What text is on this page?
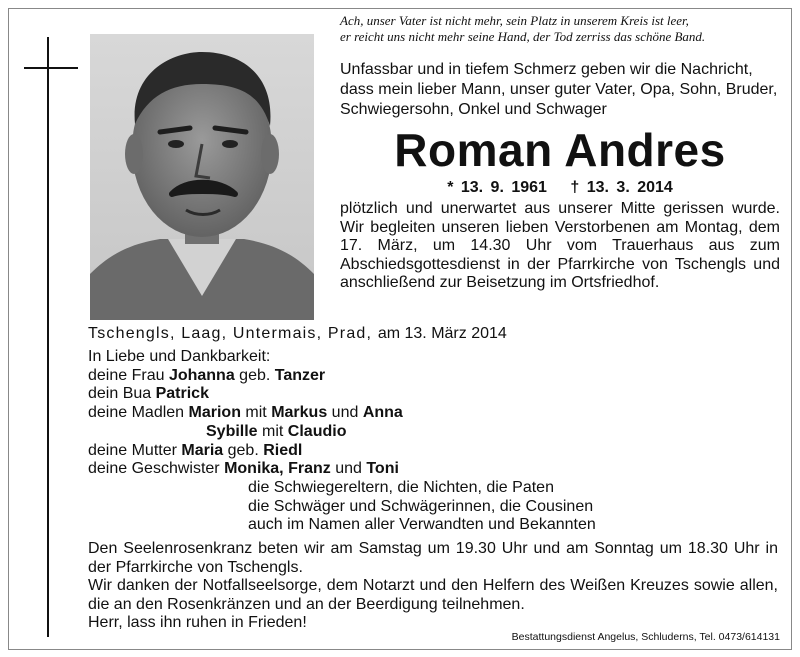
Ach, unser Vater ist nicht mehr, sein Platz in unserem Kreis ist leer,
er reicht uns nicht mehr seine Hand, der Tod zerriss das schöne Band.

Unfassbar und in tiefem Schmerz geben wir die Nachricht, dass mein lieber Mann, unser guter Vater, Opa, Sohn, Bruder, Schwiegersohn, Onkel und Schwager

Roman Andres
* 13. 9. 1961 † 13. 3. 2014

plötzlich und unerwartet aus unserer Mitte gerissen wurde. Wir begleiten unseren lieben Verstorbenen am Montag, dem 17. März, um 14.30 Uhr vom Trauerhaus aus zum Abschiedsgottesdienst in der Pfarrkirche von Tschengls und anschließend zur Beisetzung im Ortsfriedhof.

Tschengls, Laag, Untermais, Prad, am 13. März 2014

In Liebe und Dankbarkeit:
deine Frau Johanna geb. Tanzer
dein Bua Patrick
deine Madlen Marion mit Markus und Anna
Sybille mit Claudio
deine Mutter Maria geb. Riedl
deine Geschwister Monika, Franz und Toni
die Schwiegereltern, die Nichten, die Paten
die Schwäger und Schwägerinnen, die Cousinen
auch im Namen aller Verwandten und Bekannten
Den Seelenrosenkranz beten wir am Samstag um 19.30 Uhr und am Sonntag um 18.30 Uhr in der Pfarrkirche von Tschengls.
Wir danken der Notfallseelsorge, dem Notarzt und den Helfern des Weißen Kreuzes sowie allen, die an den Rosenkränzen und an der Beerdigung teilnehmen.
Herr, lass ihn ruhen in Frieden!

Bestattungsdienst Angelus, Schluderns, Tel. 0473/614131
